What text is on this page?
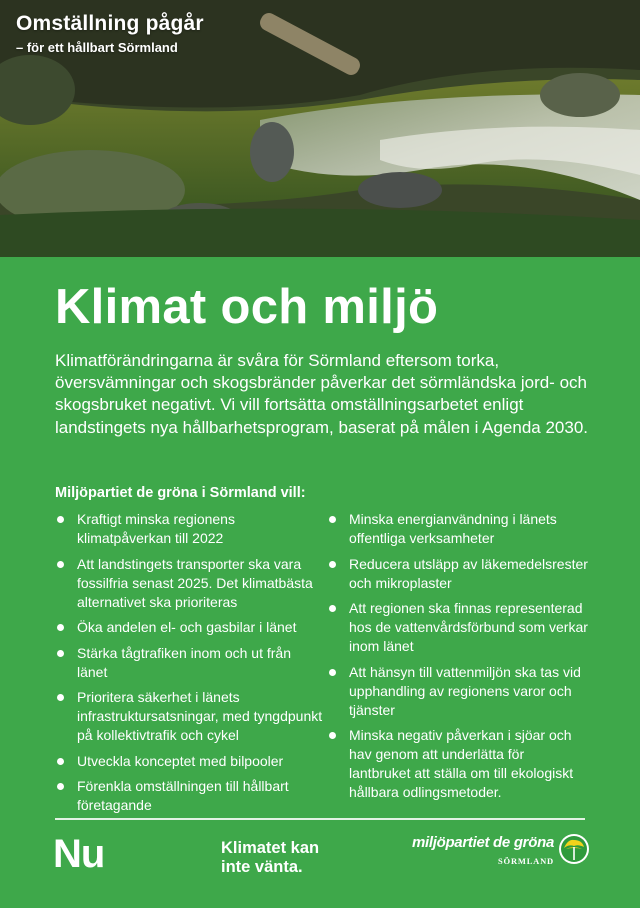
Omställning pågår
– för ett hållbart Sörmland
Klimat och miljö

Klimatförändringarna är svåra för Sörmland eftersom torka, översvämningar och skogsbränder påverkar det sörmländska jord- och skogsbruket negativt. Vi vill fortsätta omställningsarbetet enligt landstingets nya hållbarhetsprogram, baserat på målen i Agenda 2030.

Miljöpartiet de gröna i Sörmland vill:

Kraftigt minska regionens klimatpåverkan till 2022
Att landstingets transporter ska vara fossilfria senast 2025. Det klimatbästa alternativet ska prioriteras
Öka andelen el- och gasbilar i länet
Stärka tågtrafiken inom och ut från länet
Prioritera säkerhet i länets infrastruktursatsningar, med tyngdpunkt på kollektivtrafik och cykel
Utveckla konceptet med bilpooler
Förenkla omställningen till hållbart företagande
Minska energianvändning i länets offentliga verksamheter
Reducera utsläpp av läkemedelsrester och mikroplaster
Att regionen ska finnas representerad hos de vattenvårdsförbund som verkar inom länet
Att hänsyn till vattenmiljön ska tas vid upphandling av regionens varor och tjänster
Minska negativ påverkan i sjöar och hav genom att underlätta för lantbruket att ställa om till ekologiskt hållbara odlingsmetoder.
Nu	Klimatet kan
inte vänta.
miljöpartiet de gröna
SÖRMLAND
